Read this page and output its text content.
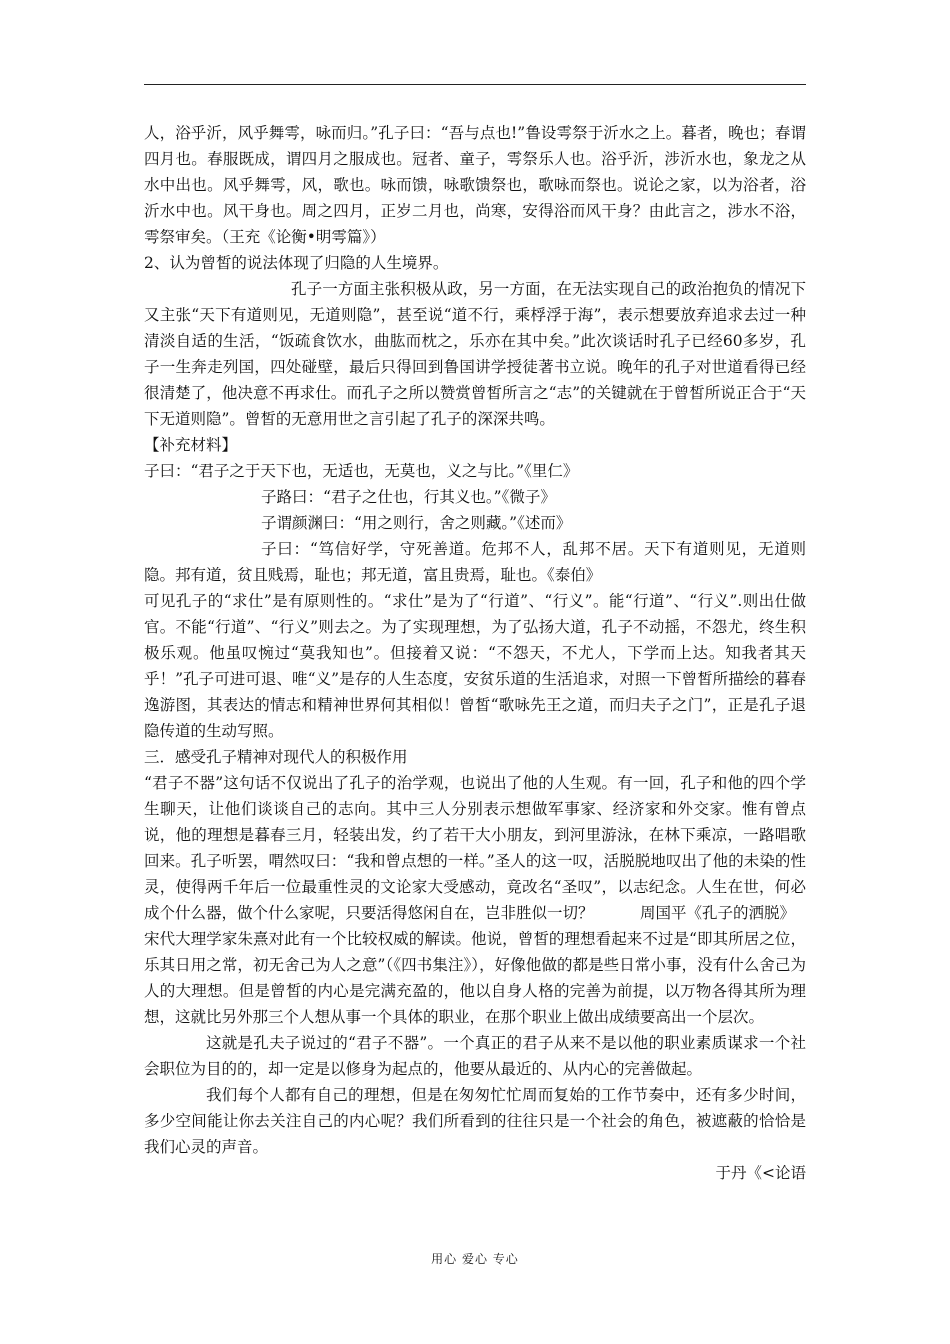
人，浴乎沂，风乎舞雩，咏而归。”孔子曰：“吾与点也!”鲁设雩祭于沂水之上。暮者，晚也；春谓四月也。春服既成，谓四月之服成也。冠者、童子，雩祭乐人也。浴乎沂，涉沂水也，象龙之从水中出也。风乎舞雩，风，歌也。咏而馈，咏歌馈祭也，歌咏而祭也。说论之家，以为浴者，浴沂水中也。风干身也。周之四月，正岁二月也，尚寒，安得浴而风干身？由此言之，涉水不浴，雩祭审矣。（王充《论衡•明雩篇》）

2、认为曾皙的说法体现了归隐的人生境界。

孔子一方面主张积极从政，另一方面，在无法实现自己的政治抱负的情况下又主张“天下有道则见，无道则隐”，甚至说“道不行，乘桴浮于海”，表示想要放弃追求去过一种清淡自适的生活，“饭疏食饮水，曲肱而枕之，乐亦在其中矣。”此次谈话时孔子已经60多岁，孔子一生奔走列国，四处碰壁，最后只得回到鲁国讲学授徒著书立说。晚年的孔子对世道看得已经很清楚了，他决意不再求仕。而孔子之所以赞赏曾皙所言之“志”的关键就在于曾皙所说正合于“天下无道则隐”。曾皙的无意用世之言引起了孔子的深深共鸣。

【补充材料】

子曰：“君子之于天下也，无适也，无莫也，义之与比。”《里仁》

子路曰：“君子之仕也，行其义也。”《微子》

子谓颜渊曰：“用之则行，舍之则藏。”《述而》

子曰：“笃信好学，守死善道。危邦不人，乱邦不居。天下有道则见，无道则隐。邦有道，贫且贱焉，耻也；邦无道，富且贵焉，耻也。《泰伯》

可见孔子的“求仕”是有原则性的。“求仕”是为了“行道”、“行义”。能“行道”、“行义”.则出仕做官。不能“行道”、“行义”则去之。为了实现理想，为了弘扬大道，孔子不动摇，不怨尤，终生积极乐观。他虽叹惋过“莫我知也”。但接着又说：“不怨天，不尤人，下学而上达。知我者其天乎！”孔子可进可退、唯“义”是存的人生态度，安贫乐道的生活追求，对照一下曾皙所描绘的暮春逸游图，其表达的情志和精神世界何其相似！曾皙“歌咏先王之道，而归夫子之门”，正是孔子退隐传道的生动写照。

三．感受孔子精神对现代人的积极作用

“君子不器”这句话不仅说出了孔子的治学观，也说出了他的人生观。有一回，孔子和他的四个学生聊天，让他们谈谈自己的志向。其中三人分别表示想做军事家、经济家和外交家。惟有曾点说，他的理想是暮春三月，轻装出发，约了若干大小朋友，到河里游泳，在林下乘凉，一路唱歌回来。孔子听罢，喟然叹曰：“我和曾点想的一样。”圣人的这一叹，活脱脱地叹出了他的未染的性灵，使得两千年后一位最重性灵的文论家大受感动，竟改名“圣叹”，以志纪念。人生在世，何必成个什么器，做个什么家呢，只要活得悠闲自在，岂非胜似一切？　　　周国平《孔子的洒脱》

宋代大理学家朱熹对此有一个比较权威的解读。他说，曾皙的理想看起来不过是“即其所居之位，乐其日用之常，初无舍己为人之意”（《四书集注》），好像他做的都是些日常小事，没有什么舍己为人的大理想。但是曾皙的内心是完满充盈的，他以自身人格的完善为前提，以万物各得其所为理想，这就比另外那三个人想从事一个具体的职业，在那个职业上做出成绩要高出一个层次。

这就是孔夫子说过的“君子不器”。一个真正的君子从来不是以他的职业素质谋求一个社会职位为目的的，却一定是以修身为起点的，他要从最近的、从内心的完善做起。

我们每个人都有自己的理想，但是在匆匆忙忙周而复始的工作节奏中，还有多少时间，多少空间能让你去关注自己的内心呢？我们所看到的往往只是一个社会的角色，被遮蔽的恰恰是我们心灵的声音。

于丹《<论语

用心 爱心 专心
